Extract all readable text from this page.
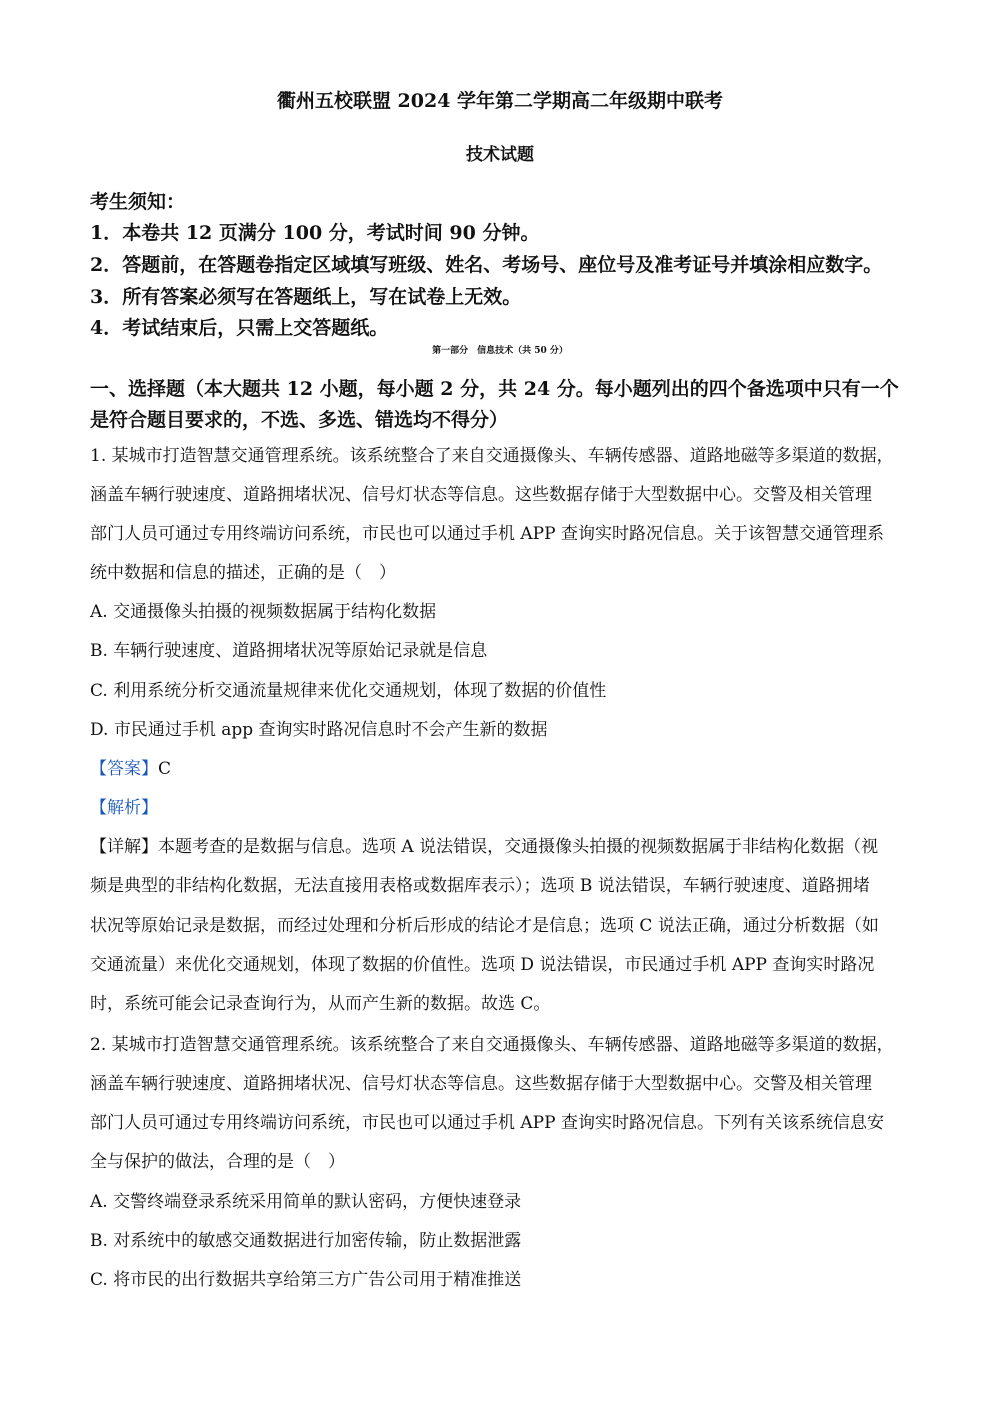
衢州五校联盟 2024 学年第二学期高二年级期中联考
技术试题
考生须知：
1．本卷共 12 页满分 100 分，考试时间 90 分钟。
2．答题前，在答题卷指定区域填写班级、姓名、考场号、座位号及准考证号并填涂相应数字。
3．所有答案必须写在答题纸上，写在试卷上无效。
4．考试结束后，只需上交答题纸。
第一部分　信息技术（共 50 分）
一、选择题（本大题共 12 小题，每小题 2 分，共 24 分。每小题列出的四个备选项中只有一个
是符合题目要求的，不选、多选、错选均不得分）
1. 某城市打造智慧交通管理系统。该系统整合了来自交通摄像头、车辆传感器、道路地磁等多渠道的数据，
涵盖车辆行驶速度、道路拥堵状况、信号灯状态等信息。这些数据存储于大型数据中心。交警及相关管理
部门人员可通过专用终端访问系统，市民也可以通过手机 APP 查询实时路况信息。关于该智慧交通管理系
统中数据和信息的描述，正确的是（　）
A. 交通摄像头拍摄的视频数据属于结构化数据
B. 车辆行驶速度、道路拥堵状况等原始记录就是信息
C. 利用系统分析交通流量规律来优化交通规划，体现了数据的价值性
D. 市民通过手机 app 查询实时路况信息时不会产生新的数据
【答案】C
【解析】
【详解】本题考查的是数据与信息。选项 A 说法错误，交通摄像头拍摄的视频数据属于非结构化数据（视
频是典型的非结构化数据，无法直接用表格或数据库表示）；选项 B 说法错误，车辆行驶速度、道路拥堵
状况等原始记录是数据，而经过处理和分析后形成的结论才是信息；选项 C 说法正确，通过分析数据（如
交通流量）来优化交通规划，体现了数据的价值性。选项 D 说法错误，市民通过手机 APP 查询实时路况
时，系统可能会记录查询行为，从而产生新的数据。故选 C。
2. 某城市打造智慧交通管理系统。该系统整合了来自交通摄像头、车辆传感器、道路地磁等多渠道的数据，
涵盖车辆行驶速度、道路拥堵状况、信号灯状态等信息。这些数据存储于大型数据中心。交警及相关管理
部门人员可通过专用终端访问系统，市民也可以通过手机 APP 查询实时路况信息。下列有关该系统信息安
全与保护的做法，合理的是（　）
A. 交警终端登录系统采用简单的默认密码，方便快速登录
B. 对系统中的敏感交通数据进行加密传输，防止数据泄露
C. 将市民的出行数据共享给第三方广告公司用于精准推送
